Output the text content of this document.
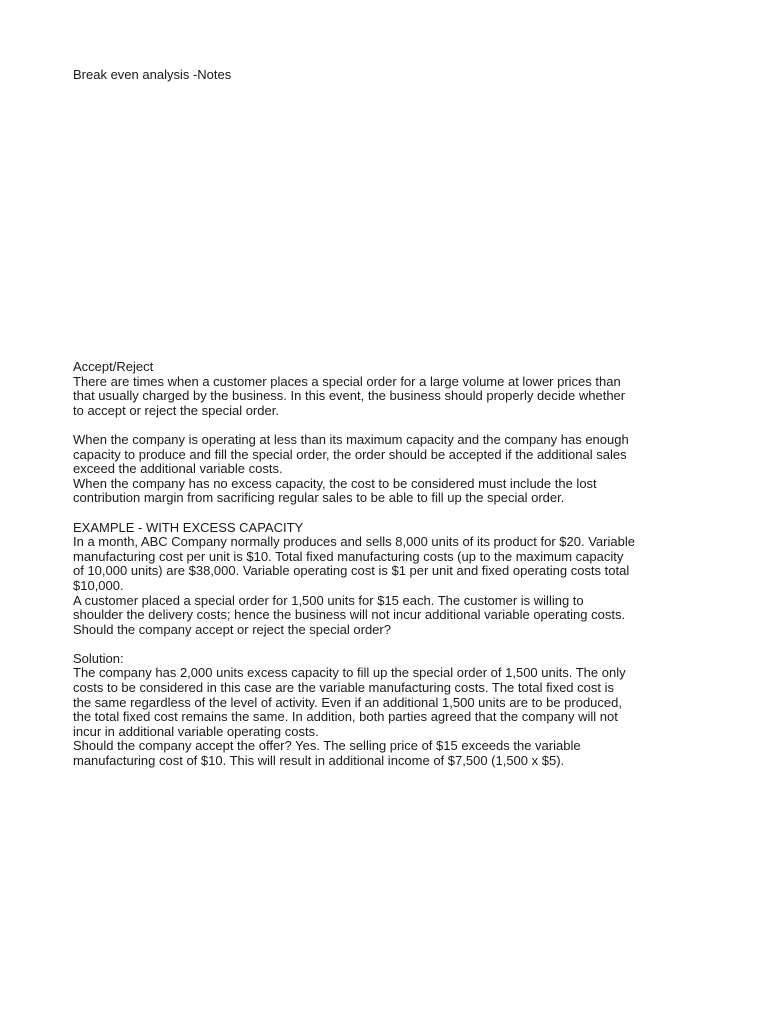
Break even analysis -Notes

Accept/Reject

There are times when a customer places a special order for a large volume at lower prices than

that usually charged by the business. In this event, the business should properly decide whether

to accept or reject the special order.

When the company is operating at less than its maximum capacity and the company has enough

capacity to produce and fill the special order, the order should be accepted if the additional sales

exceed the additional variable costs.

When the company has no excess capacity, the cost to be considered must include the lost

contribution margin from sacrificing regular sales to be able to fill up the special order.

EXAMPLE - WITH EXCESS CAPACITY

In a month, ABC Company normally produces and sells 8,000 units of its product for $20. Variable

manufacturing cost per unit is $10. Total fixed manufacturing costs (up to the maximum capacity

of 10,000 units) are $38,000. Variable operating cost is $1 per unit and fixed operating costs total

$10,000.

A customer placed a special order for 1,500 units for $15 each. The customer is willing to

shoulder the delivery costs; hence the business will not incur additional variable operating costs.

Should the company accept or reject the special order?

Solution:

The company has 2,000 units excess capacity to fill up the special order of 1,500 units. The only

costs to be considered in this case are the variable manufacturing costs. The total fixed cost is

the same regardless of the level of activity. Even if an additional 1,500 units are to be produced,

the total fixed cost remains the same. In addition, both parties agreed that the company will not

incur in additional variable operating costs.

Should the company accept the offer? Yes. The selling price of $15 exceeds the variable

manufacturing cost of $10. This will result in additional income of $7,500 (1,500 x $5).
